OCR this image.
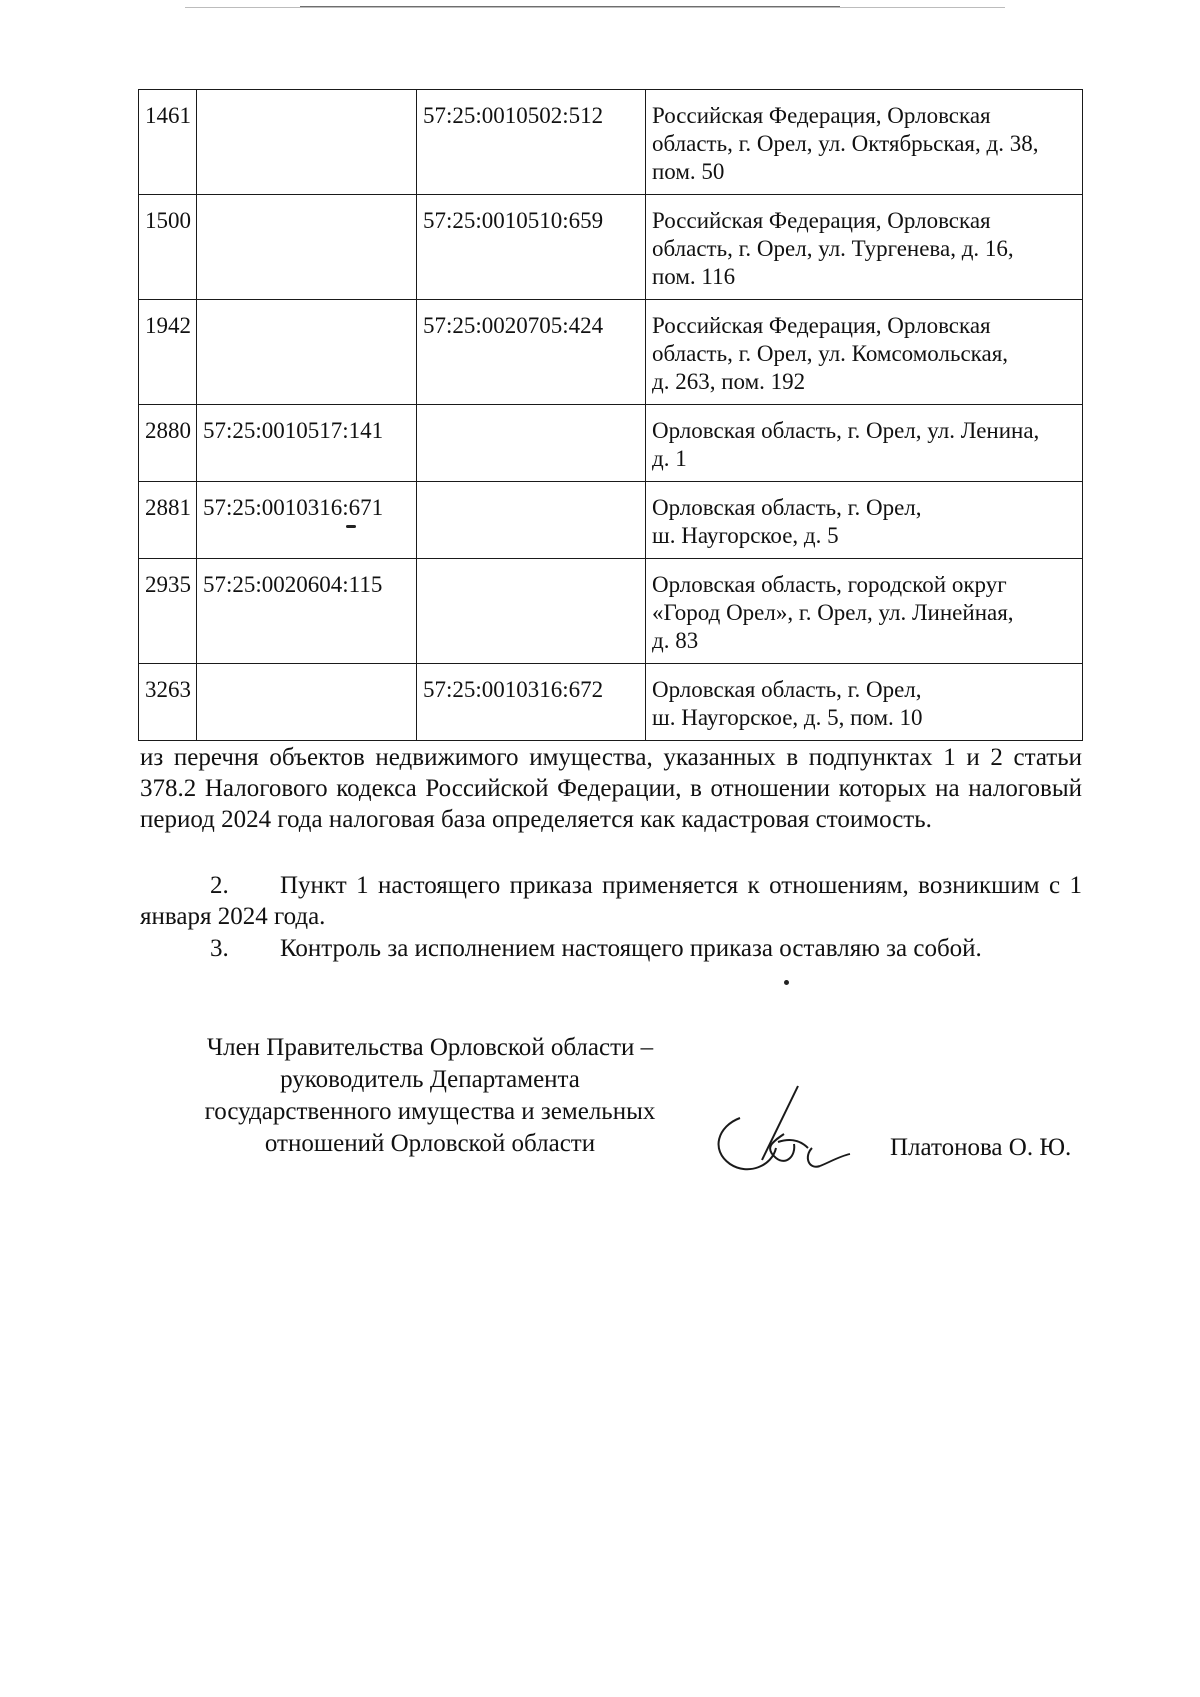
1461		57:25:0010502:512	Российская Федерация, Орловская
область, г. Орел, ул. Октябрьская, д. 38,
пом. 50
1500		57:25:0010510:659	Российская Федерация, Орловская
область, г. Орел, ул. Тургенева, д. 16,
пом. 116
1942		57:25:0020705:424	Российская Федерация, Орловская
область, г. Орел, ул. Комсомольская,
д. 263, пом. 192
2880	57:25:0010517:141		Орловская область, г. Орел, ул. Ленина,
д. 1
2881	57:25:0010316:671		Орловская область, г. Орел,
ш. Наугорское, д. 5
2935	57:25:0020604:115		Орловская область, городской округ
«Город Орел», г. Орел, ул. Линейная,
д. 83
3263		57:25:0010316:672	Орловская область, г. Орел,
ш. Наугорское, д. 5, пом. 10

из перечня объектов недвижимого имущества, указанных в подпунктах 1 и 2 статьи 378.2 Налогового кодекса Российской Федерации, в отношении которых на налоговый период 2024 года налоговая база определяется как кадастровая стоимость.

2. Пункт 1 настоящего приказа применяется к отношениям, возникшим с 1 января 2024 года.

3. Контроль за исполнением настоящего приказа оставляю за собой.

Член Правительства Орловской области –
руководитель Департамента
государственного имущества и земельных
отношений Орловской области	Платонова О. Ю.
